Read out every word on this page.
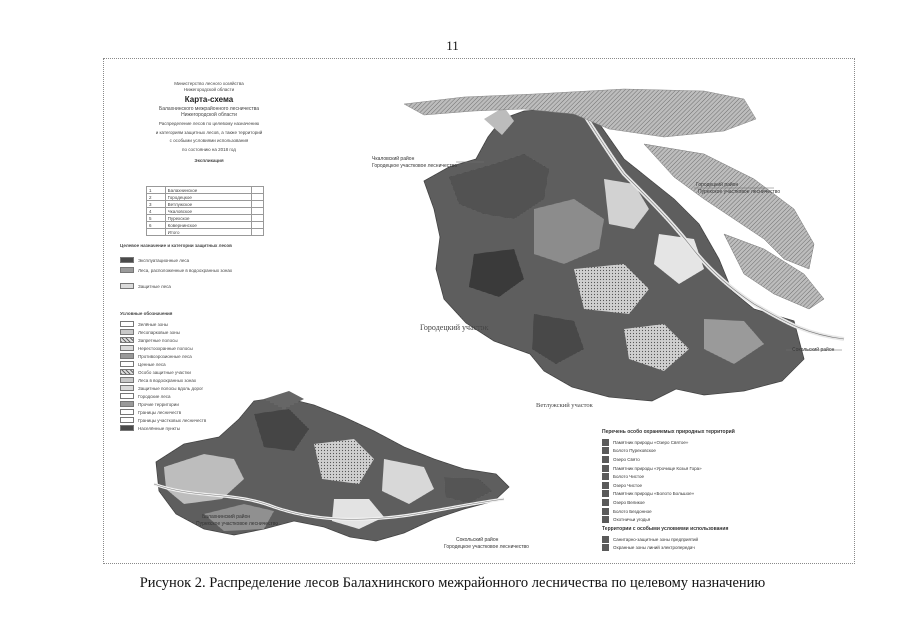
11
Министерство лесного хозяйства
Нижегородской области
Карта-схема
Балахнинского межрайонного лесничества
Нижегородской области
Распределение лесов по целевому назначению
и категориям защитных лесов, а также территорий
с особыми условиями использования
по состоянию на 2018 год
Экспликация
1	Балахнинское	
2	Городецкое	
3	Ветлужское	
4	Чкаловское	
5	Пурехское	
6	Ковернинское	
	Итого	
Целевое назначение и категории защитных лесов
Эксплуатационные леса
Леса, расположенные в водоохранных зонах
Защитные леса
Условные обозначения
Зелёные зоны
Лесопарковые зоны
Запретные полосы
Нерестоохранные полосы
Противоэрозионные леса
Ценные леса
Особо защитные участки
Леса в водоохранных зонах
Защитные полосы вдоль дорог
Городские леса
Прочие территории
Границы лесничеств
Границы участковых лесничеств
Населённые пункты
Чкаловский район
Городецкое участковое лесничество
Городецкий район
Пурехское участковое лесничество
Городецкий участок
Сокольский район
Ветлужский участок
Балахнинский район
Пурехское участковое лесничество
Сокольский район
Городецкое участковое лесничество
Перечень особо охраняемых природных территорий
Памятник природы «Озеро Святое»
Болото Пуреховское
Озеро Свято
Памятник природы «Урочище Козья Гора»
Болото Чистое
Озеро Чистое
Памятник природы «Болото Большое»
Озеро Великое
Болото Бездонное
Охотничьи угодья
Территории с особыми условиями использования
Санитарно-защитные зоны предприятий
Охранные зоны линий электропередач
Рисунок 2. Распределение лесов Балахнинского межрайонного лесничества по целевому назначению
